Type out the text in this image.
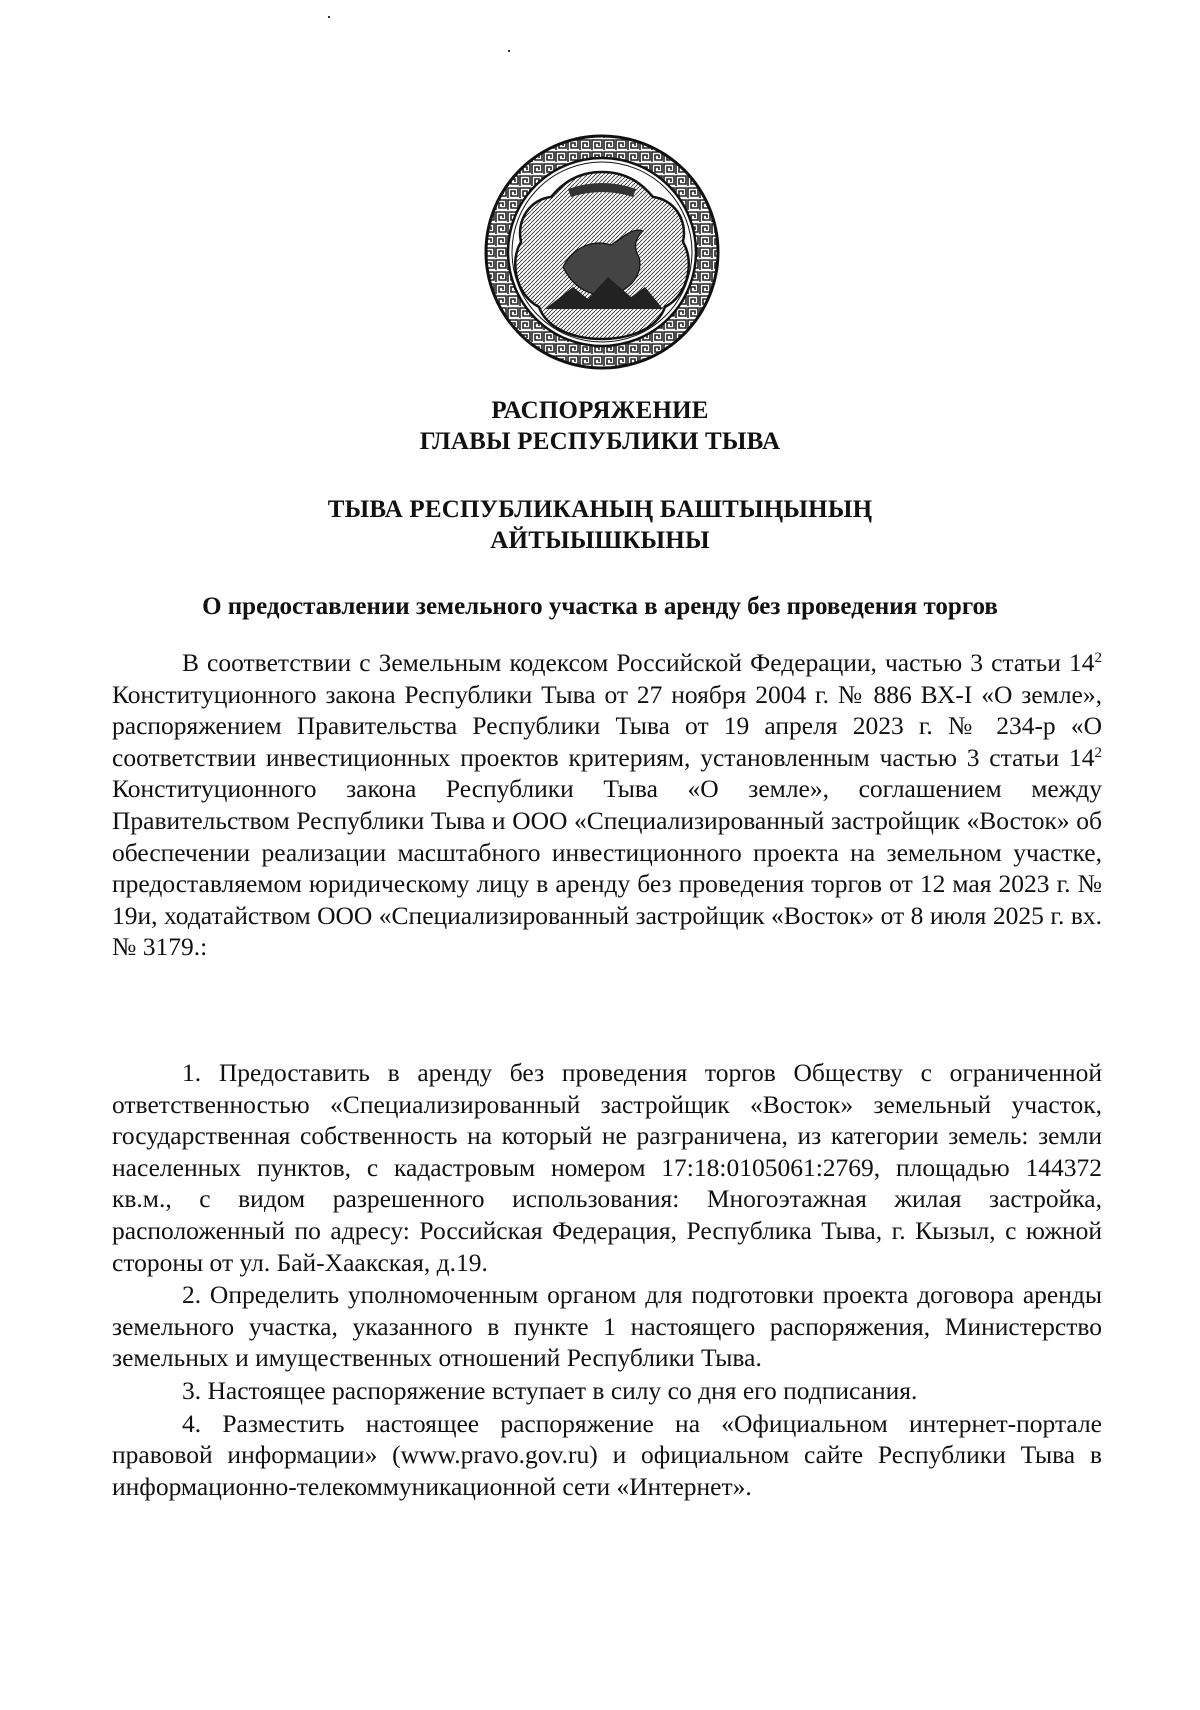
РАСПОРЯЖЕНИЕ
ГЛАВЫ РЕСПУБЛИКИ ТЫВА
ТЫВА РЕСПУБЛИКАНЫҢ БАШТЫҢЫНЫҢ
АЙТЫЫШКЫНЫ
О предоставлении земельного участка в аренду без проведения торгов

В соответствии с Земельным кодексом Российской Федерации, частью 3 статьи $14^2$ Конституционного закона Республики Тыва от 27 ноября 2004 г. № 886 ВХ-I «О земле», распоряжением Правительства Республики Тыва от 19 апреля 2023 г. № 234-р «О соответствии инвестиционных проектов критериям, установленным частью 3 статьи $14^2$ Конституционного закона Республики Тыва «О земле», соглашением между Правительством Республики Тыва и ООО «Специализированный застройщик «Восток» об обеспечении реализации масштабного инвестиционного проекта на земельном участке, предоставляемом юридическому лицу в аренду без проведения торгов от 12 мая 2023 г. № 19и, ходатайством ООО «Специализированный застройщик «Восток» от 8 июля 2025 г. вх. № 3179.:

1. Предоставить в аренду без проведения торгов Обществу с ограниченной ответственностью «Специализированный застройщик «Восток» земельный участок, государственная собственность на который не разграничена, из категории земель: земли населенных пунктов, с кадастровым номером 17:18:0105061:2769, площадью 144372 кв.м., с видом разрешенного использования: Многоэтажная жилая застройка, расположенный по адресу: Российская Федерация, Республика Тыва, г. Кызыл, с южной стороны от ул. Бай-Хаакская, д.19.

2. Определить уполномоченным органом для подготовки проекта договора аренды земельного участка, указанного в пункте 1 настоящего распоряжения, Министерство земельных и имущественных отношений Республики Тыва.

3. Настоящее распоряжение вступает в силу со дня его подписания.

4. Разместить настоящее распоряжение на «Официальном интернет-портале правовой информации» (www.pravo.gov.ru) и официальном сайте Республики Тыва в информационно-телекоммуникационной сети «Интернет».
